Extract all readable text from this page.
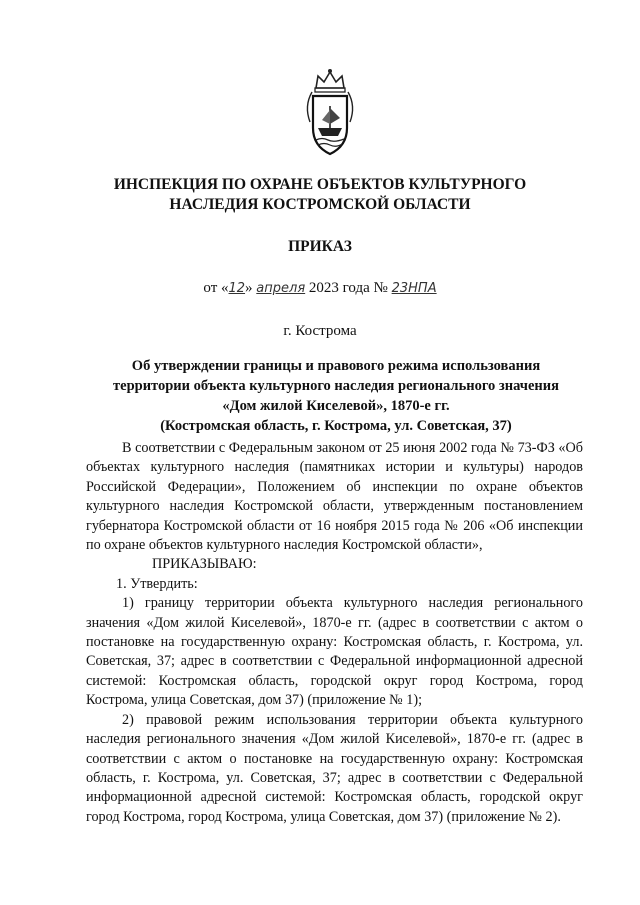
ИНСПЕКЦИЯ ПО ОХРАНЕ ОБЪЕКТОВ КУЛЬТУРНОГО
НАСЛЕДИЯ КОСТРОМСКОЙ ОБЛАСТИ
ПРИКАЗ
от «12» апреля 2023 года № 23НПА
г. Кострома
Об утверждении границы и правового режима использования
территории объекта культурного наследия регионального значения
«Дом жилой Киселевой», 1870-е гг.
(Костромская область, г. Кострома, ул. Советская, 37)

В соответствии с Федеральным законом от 25 июня 2002 года № 73-ФЗ «Об объектах культурного наследия (памятниках истории и культуры) народов Российской Федерации», Положением об инспекции по охране объектов культурного наследия Костромской области, утвержденным постановлением губернатора Костромской области от 16 ноября 2015 года № 206 «Об инспекции по охране объектов культурного наследия Костромской области»,

ПРИКАЗЫВАЮ:

1. Утвердить:

1) границу территории объекта культурного наследия регионального значения «Дом жилой Киселевой», 1870-е гг. (адрес в соответствии с актом о постановке на государственную охрану: Костромская область, г. Кострома, ул. Советская, 37; адрес в соответствии с Федеральной информационной адресной системой: Костромская область, городской округ город Кострома, город Кострома, улица Советская, дом 37) (приложение № 1);

2) правовой режим использования территории объекта культурного наследия регионального значения «Дом жилой Киселевой», 1870-е гг. (адрес в соответствии с актом о постановке на государственную охрану: Костромская область, г. Кострома, ул. Советская, 37; адрес в соответствии с Федеральной информационной адресной системой: Костромская область, городской округ город Кострома, город Кострома, улица Советская, дом 37) (приложение № 2).
